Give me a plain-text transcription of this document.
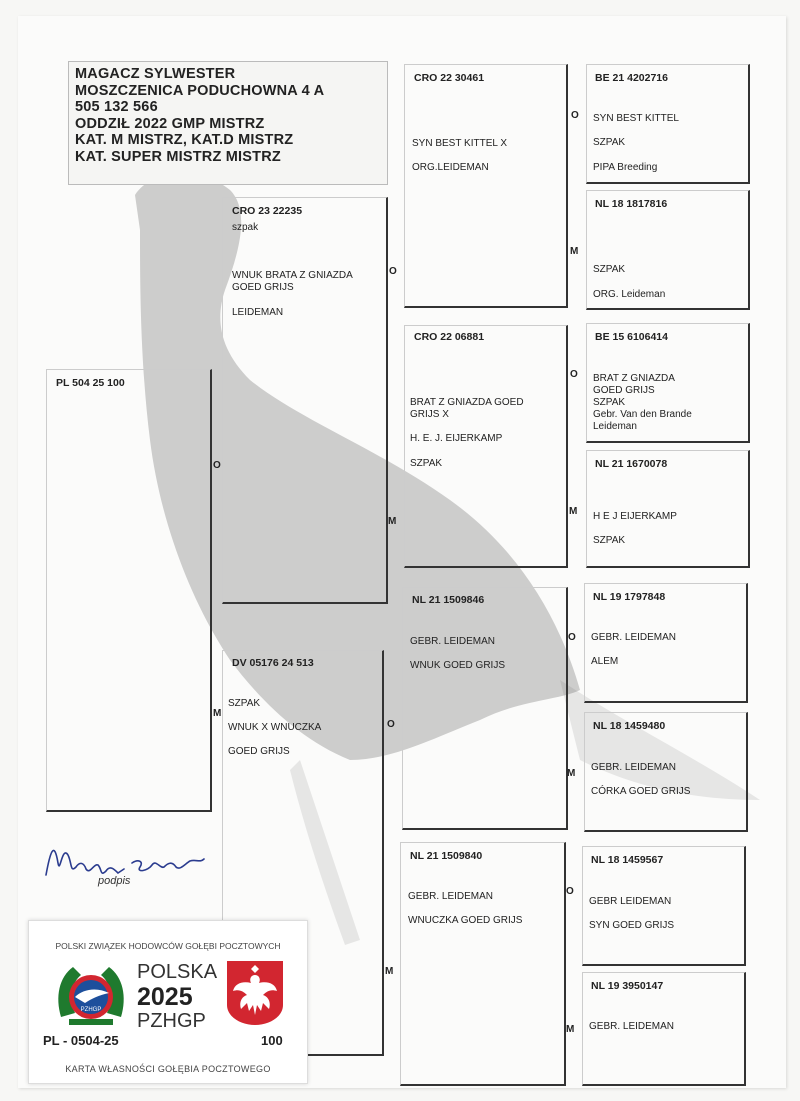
MAGACZ SYLWESTER
MOSZCZENICA PODUCHOWNA 4 A
505 132 566
ODDZIŁ 2022 GMP MISTRZ
KAT. M MISTRZ, KAT.D MISTRZ
KAT. SUPER MISTRZ MISTRZ
PL 504 25 100
CRO 23 22235
szpak
WNUK BRATA Z GNIAZDA
GOED GRIJS
LEIDEMAN
O
DV 05176 24 513
SZPAK
WNUK X WNUCZKA
GOED GRIJS
M
CRO 22 30461
SYN BEST KITTEL X
ORG.LEIDEMAN
O
CRO 22 06881
BRAT Z GNIAZDA GOED
GRIJS X
H. E. J. EIJERKAMP
SZPAK
M
NL 21 1509846
GEBR. LEIDEMAN
WNUK GOED GRIJS
O
NL 21 1509840
GEBR. LEIDEMAN
WNUCZKA GOED GRIJS
M
BE 21 4202716
SYN BEST KITTEL
SZPAK
PIPA Breeding
O
NL 18 1817816
SZPAK
ORG. Leideman
M
BE 15 6106414
BRAT Z GNIAZDA
GOED GRIJS
SZPAK
Gebr. Van den Brande
Leideman
O
NL 21 1670078
H E J EIJERKAMP
SZPAK
M
NL 19 1797848
GEBR. LEIDEMAN
ALEM
O
NL 18 1459480
GEBR. LEIDEMAN
CÓRKA GOED GRIJS
M
NL 18 1459567
GEBR LEIDEMAN
SYN GOED GRIJS
O
NL 19 3950147
GEBR. LEIDEMAN
M
podpis
POLSKI ZWIĄZEK HODOWCÓW GOŁĘBI POCZTOWYCH
PZHGP
POLSKA
2025
PZHGP
PL - 0504-25	100
KARTA WŁASNOŚCI GOŁĘBIA POCZTOWEGO
